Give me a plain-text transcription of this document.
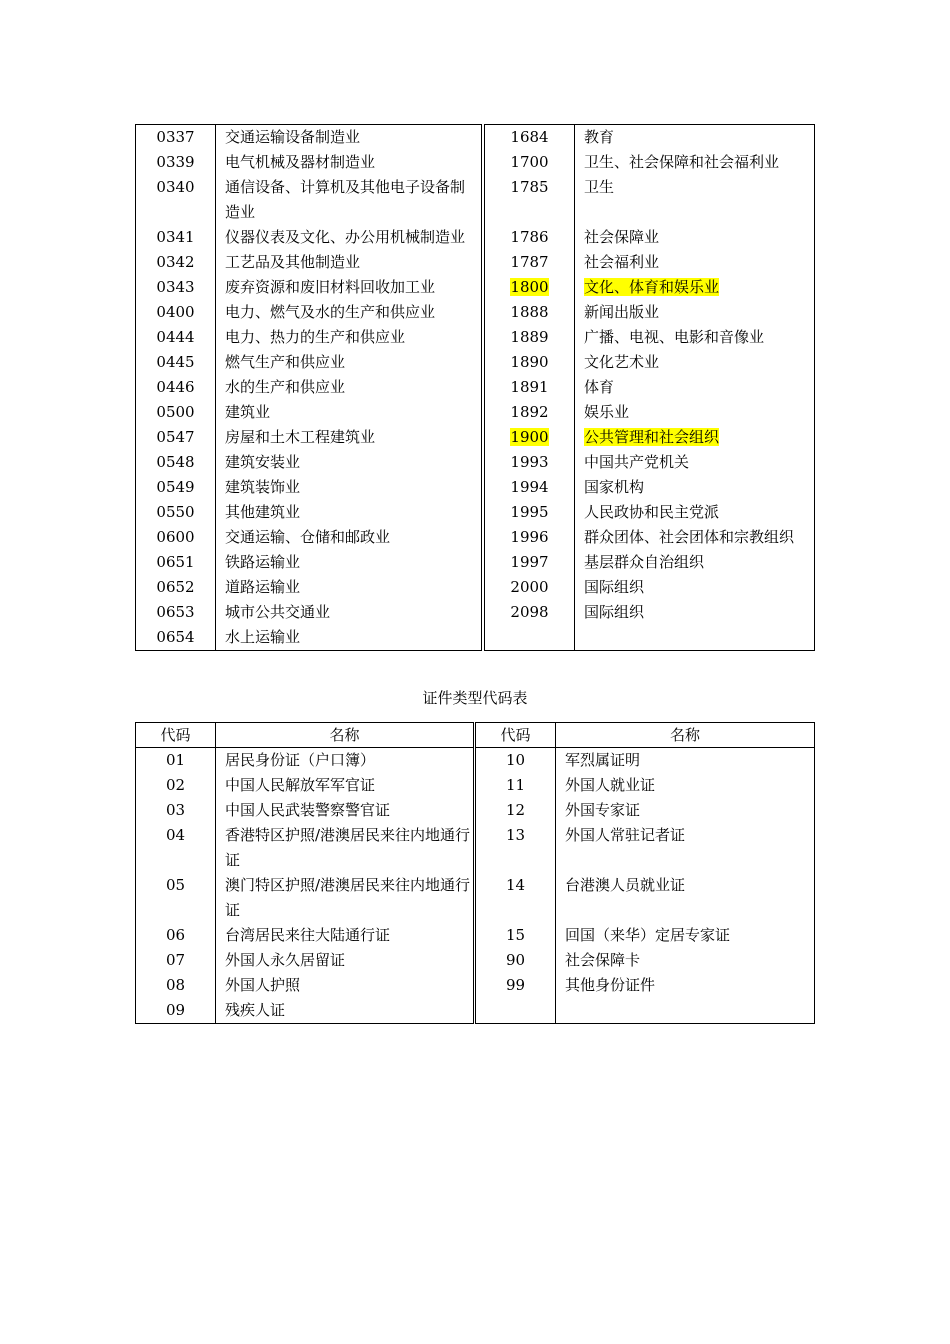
0337	交通运输设备制造业	1684	教育
0339	电气机械及器材制造业	1700	卫生、社会保障和社会福利业
0340	通信设备、计算机及其他电子设备制造业	1785	卫生
0341	仪器仪表及文化、办公用机械制造业	1786	社会保障业
0342	工艺品及其他制造业	1787	社会福利业
0343	废弃资源和废旧材料回收加工业	1800	文化、体育和娱乐业
0400	电力、燃气及水的生产和供应业	1888	新闻出版业
0444	电力、热力的生产和供应业	1889	广播、电视、电影和音像业
0445	燃气生产和供应业	1890	文化艺术业
0446	水的生产和供应业	1891	体育
0500	建筑业	1892	娱乐业
0547	房屋和土木工程建筑业	1900	公共管理和社会组织
0548	建筑安装业	1993	中国共产党机关
0549	建筑装饰业	1994	国家机构
0550	其他建筑业	1995	人民政协和民主党派
0600	交通运输、仓储和邮政业	1996	群众团体、社会团体和宗教组织
0651	铁路运输业	1997	基层群众自治组织
0652	道路运输业	2000	国际组织
0653	城市公共交通业	2098	国际组织
0654	水上运输业		
证件类型代码表
代码	名称	代码	名称
01	居民身份证（户口簿）	10	军烈属证明
02	中国人民解放军军官证	11	外国人就业证
03	中国人民武装警察警官证	12	外国专家证
04	香港特区护照/港澳居民来往内地通行证	13	外国人常驻记者证
05	澳门特区护照/港澳居民来往内地通行证	14	台港澳人员就业证
06	台湾居民来往大陆通行证	15	回国（来华）定居专家证
07	外国人永久居留证	90	社会保障卡
08	外国人护照	99	其他身份证件
09	残疾人证		
